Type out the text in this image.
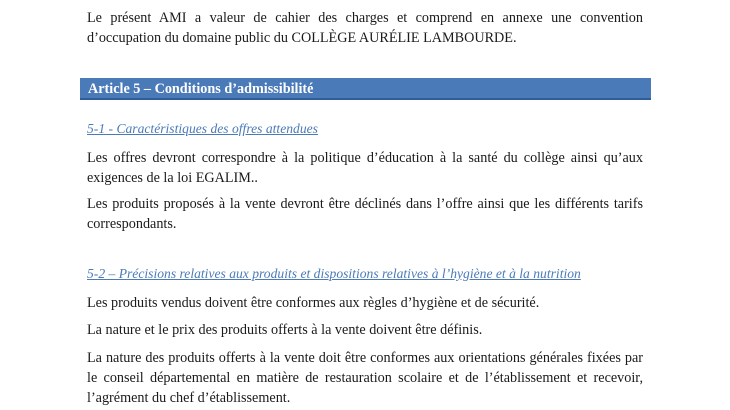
Le présent AMI a valeur de cahier des charges et comprend en annexe une convention d’occupation du domaine public du COLLÈGE AURÉLIE LAMBOURDE.

Article 5 – Conditions d’admissibilité

5-1 - Caractéristiques des offres attendues

Les offres devront correspondre à la politique d’éducation à la santé du collège ainsi qu’aux exigences de la loi EGALIM..

Les produits proposés à la vente devront être déclinés dans l’offre ainsi que les différents tarifs correspondants.

5-2 – Précisions relatives aux produits et dispositions relatives à l’hygiène et à la nutrition

Les produits vendus doivent être conformes aux règles d’hygiène et de sécurité.

La nature et le prix des produits offerts à la vente doivent être définis.

La nature des produits offerts à la vente doit être conformes aux orientations générales fixées par le conseil départemental en matière de restauration scolaire et de l’établissement et recevoir, l’agrément du chef d’établissement.
